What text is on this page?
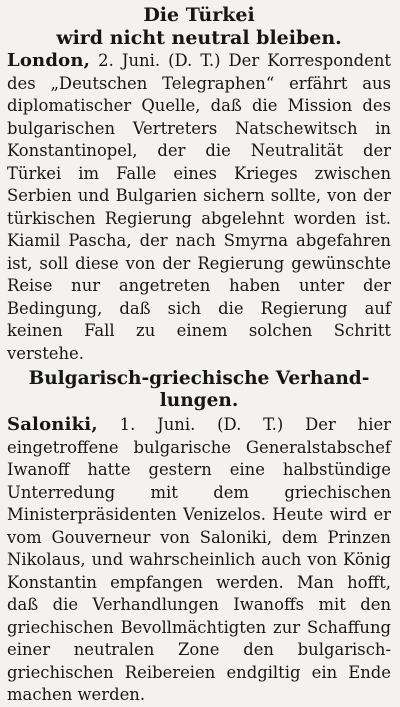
Die Türkei

wird nicht neutral bleiben.

London, 2. Juni. (D. T.) Der Korrespondent des „Deutschen Telegraphen“ erfährt aus diplomatischer Quelle, daß die Mission des bulgarischen Vertreters Natschewitsch in Konstantinopel, der die Neutralität der Türkei im Falle eines Krieges zwischen Serbien und Bulgarien sichern sollte, von der türkischen Regierung abgelehnt worden ist. Kiamil Pascha, der nach Smyrna abgefahren ist, soll diese von der Regierung gewünschte Reise nur angetreten haben unter der Bedingung, daß sich die Regierung auf keinen Fall zu einem solchen Schritt verstehe.

Bulgarisch-griechische Verhand-
lungen.

Saloniki, 1. Juni. (D. T.) Der hier eingetroffene bulgarische Generalstabschef Iwanoff hatte gestern eine halbstündige Unterredung mit dem griechischen Ministerpräsidenten Venizelos. Heute wird er vom Gouverneur von Saloniki, dem Prinzen Nikolaus, und wahrscheinlich auch von König Konstantin empfangen werden. Man hofft, daß die Verhandlungen Iwanoffs mit den griechischen Bevollmächtigten zur Schaffung einer neutralen Zone den bulgarisch-griechischen Reibereien endgiltig ein Ende machen werden.
